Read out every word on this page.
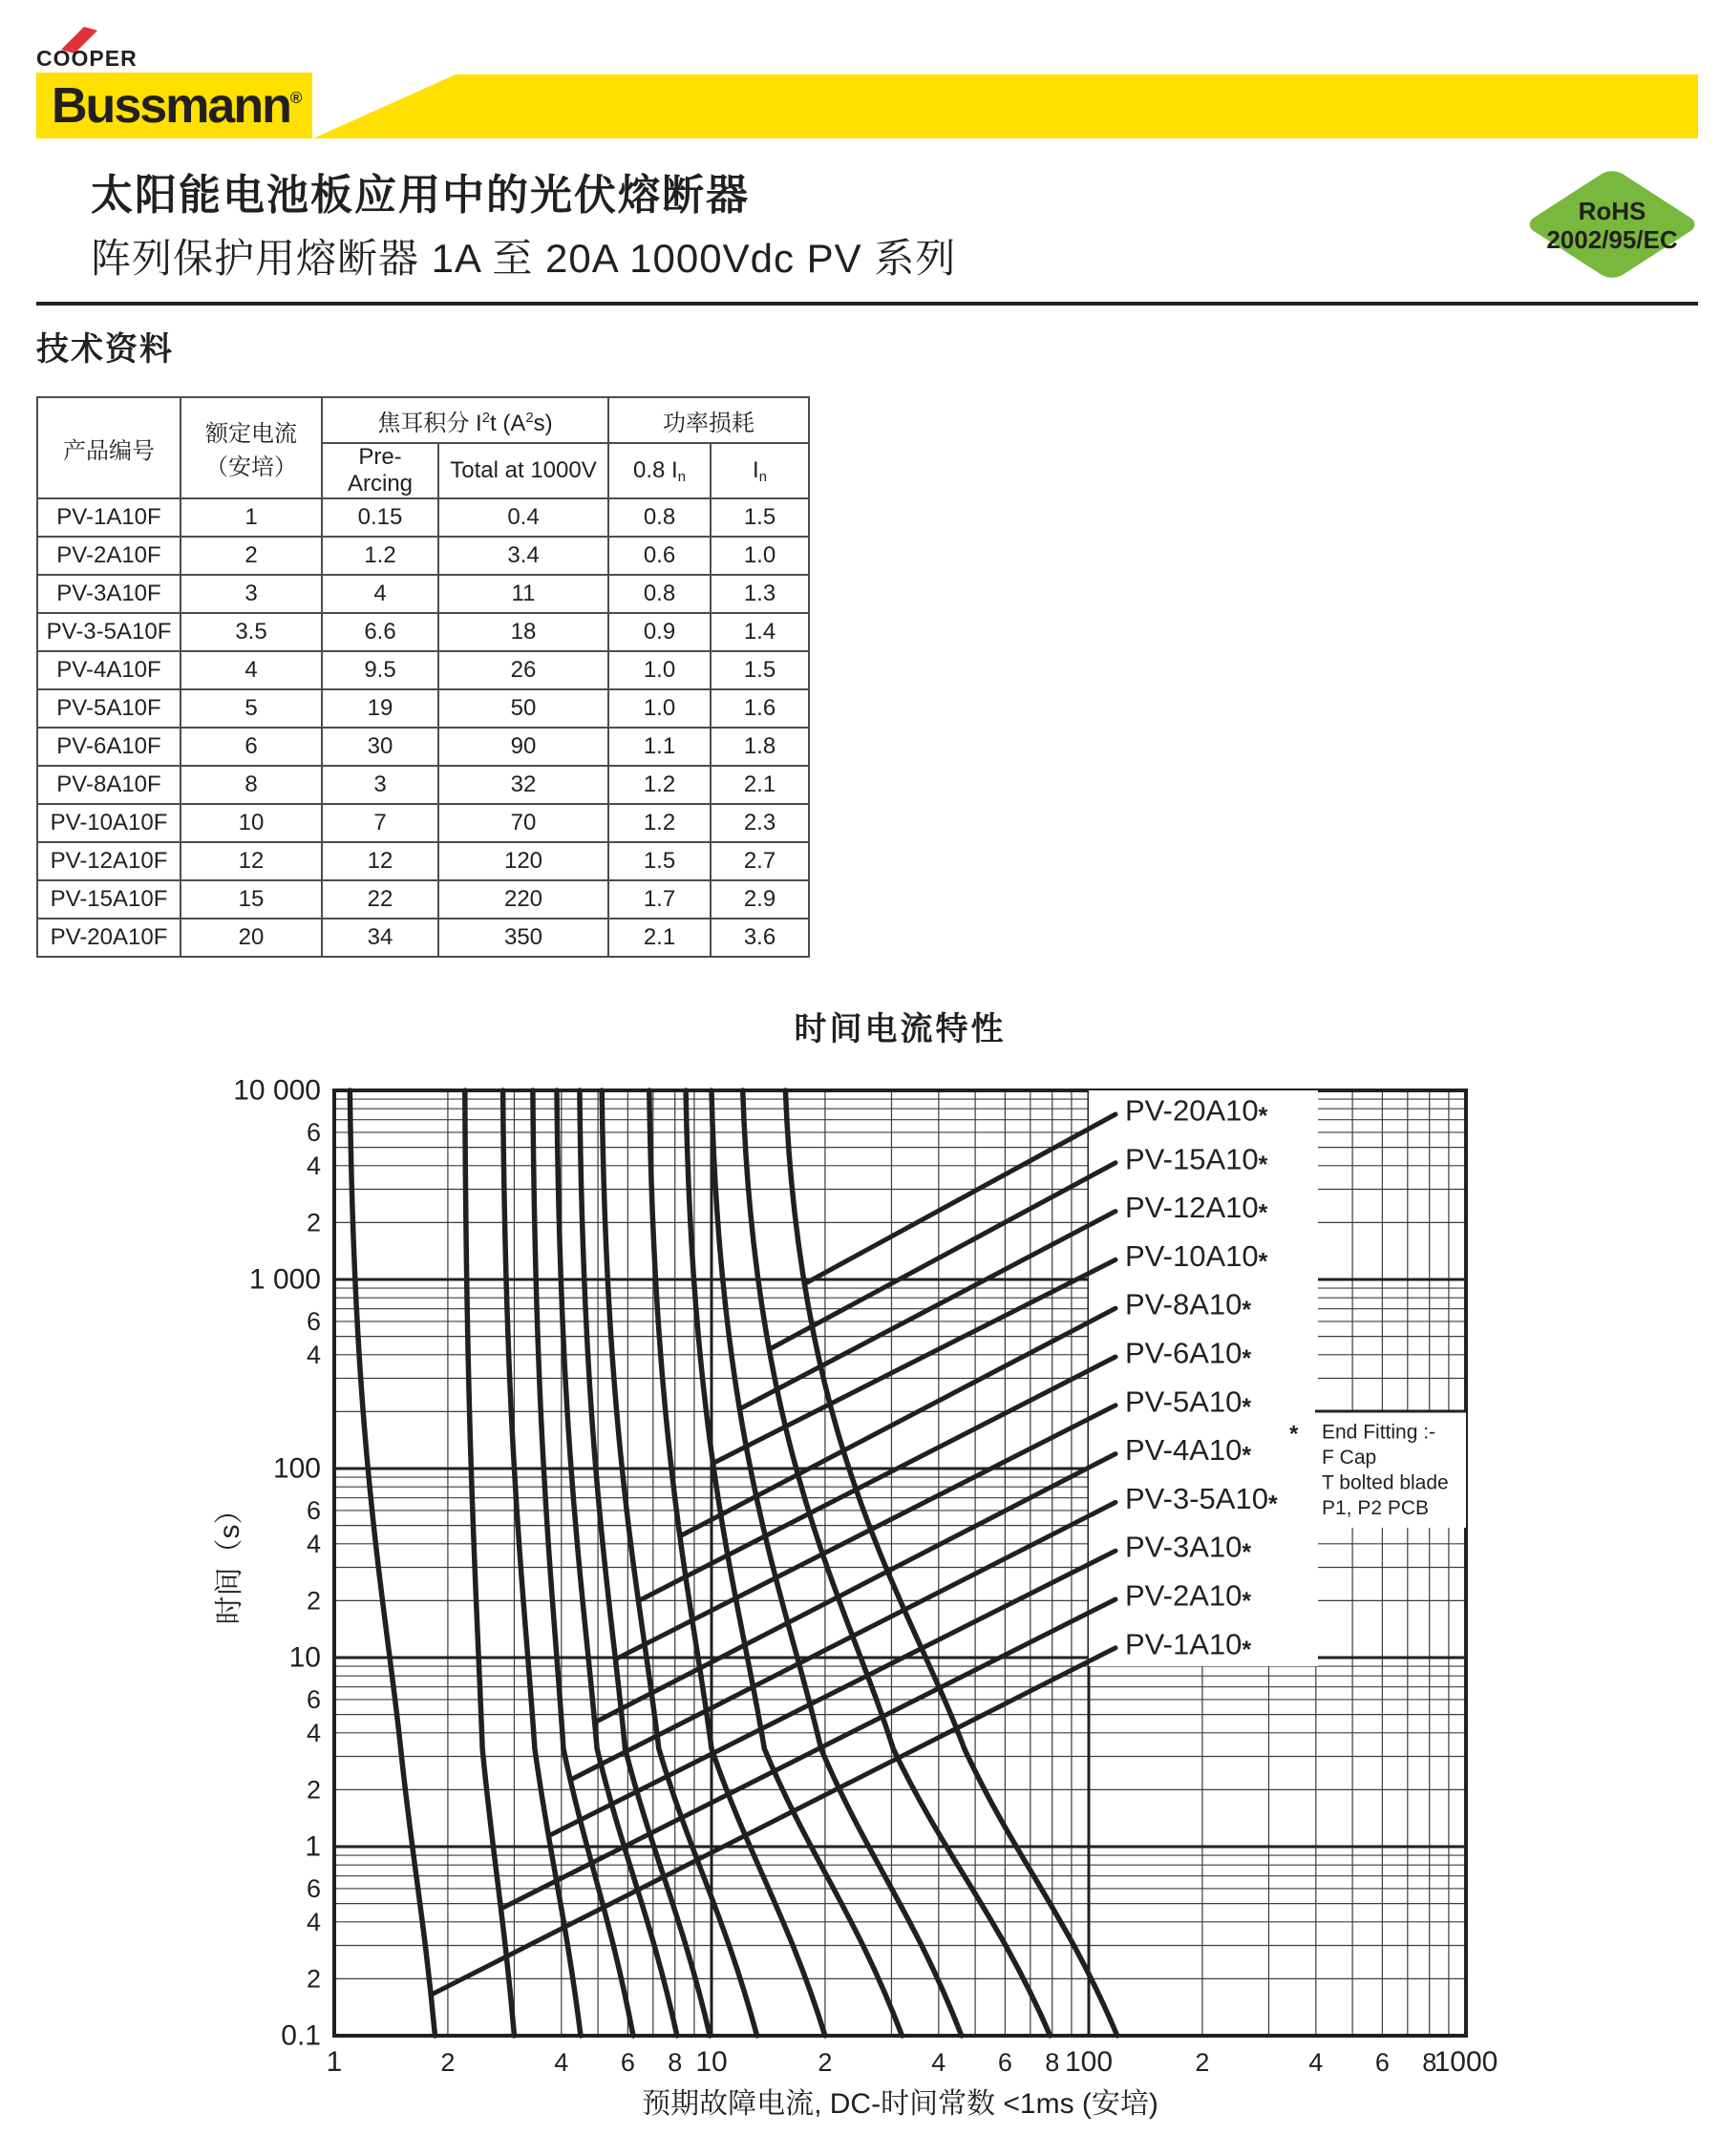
COOPER
Bussmann®
RoHS
2002/95/EC
太阳能电池板应用中的光伏熔断器
阵列保护用熔断器 1A 至 20A 1000Vdc PV 系列
技术资料
产品编号	额定电流
（安培）	焦耳积分 $I^2t$ $(A^2s)$		功率损耗	
		Pre-Arcing	Total at 1000V	0.8 $I_n$	$I_n$
PV-1A10F	1	0.15	0.4	0.8	1.5
PV-2A10F	2	1.2	3.4	0.6	1.0
PV-3A10F	3	4	11	0.8	1.3
PV-3-5A10F	3.5	6.6	18	0.9	1.4
PV-4A10F	4	9.5	26	1.0	1.5
PV-5A10F	5	19	50	1.0	1.6
PV-6A10F	6	30	90	1.1	1.8
PV-8A10F	8	3	32	1.2	2.1
PV-10A10F	10	7	70	1.2	2.3
PV-12A10F	12	12	120	1.5	2.7
PV-15A10F	15	22	220	1.7	2.9
PV-20A10F	20	34	350	2.1	3.6
时间电流特性
PV-20A10*
PV-15A10*
PV-12A10*
PV-10A10*
PV-8A10*
PV-6A10*
PV-5A10*
PV-4A10*
PV-3-5A10*
PV-3A10*
PV-2A10*
PV-1A10*
* End Fitting :-
F Cap
T bolted blade
P1, P2 PCB
1	10	100	1000
2	4 6 8	2	4 6 8	2	4 6 8
10 000
1 000
100
10
1
0.1
6
4
2
6
4
6
4
2
6
4
2
6
4
2
时间（s）
预期故障电流, DC-时间常数 <1ms (安培)
